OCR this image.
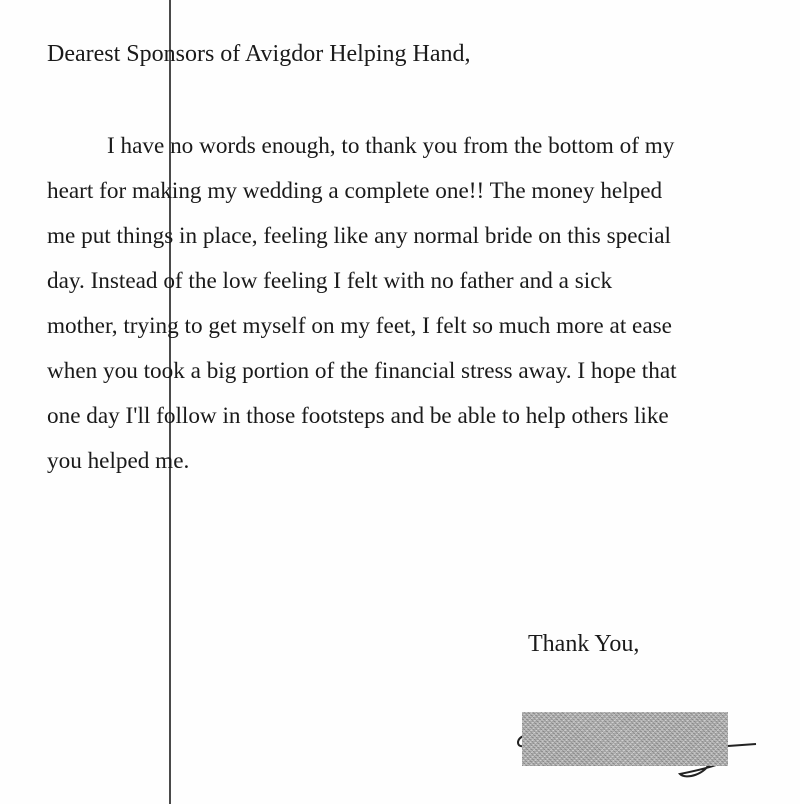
Dearest Sponsors of Avigdor Helping Hand,
I have no words enough, to thank you from the bottom of my
heart for making my wedding a complete one!! The money helped
me put things in place, feeling like any normal bride on this special
day. Instead of the low feeling I felt with no father and a sick
mother, trying to get myself on my feet, I felt so much more at ease
when you took a big portion of the financial stress away. I hope that
one day I'll follow in those footsteps and be able to help others like
you helped me.
Thank You,
